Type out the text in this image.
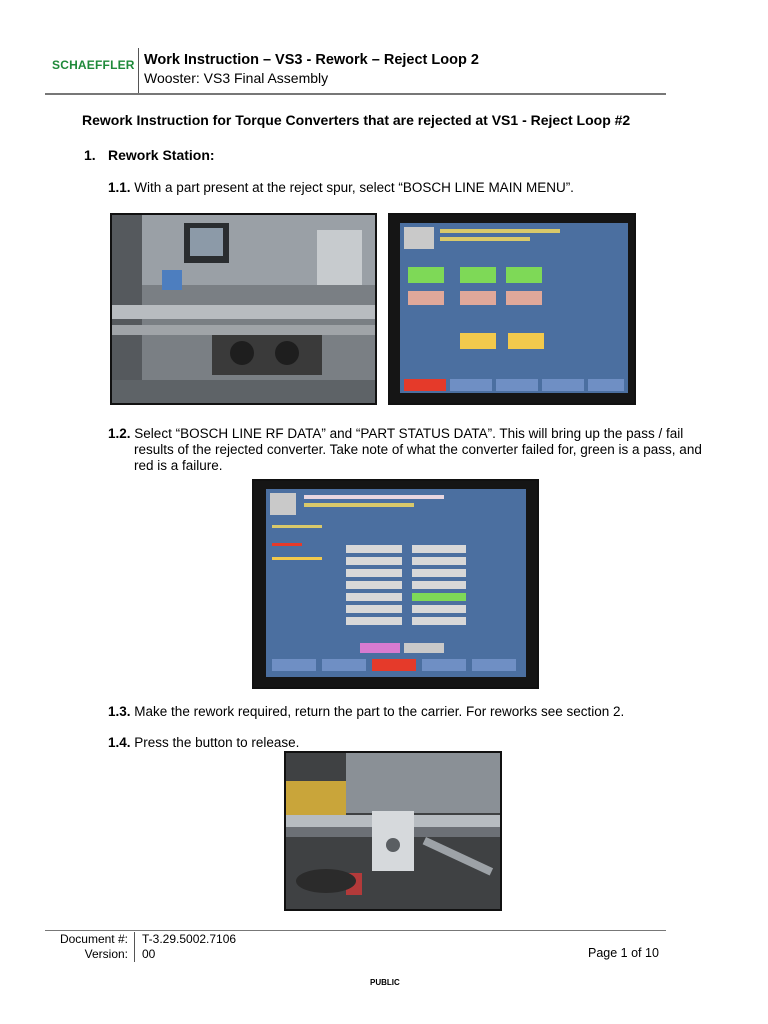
SCHAEFFLER Work Instruction – VS3 - Rework – Reject Loop 2
Wooster: VS3 Final Assembly
Rework Instruction for Torque Converters that are rejected at VS1 - Reject Loop #2
1. Rework Station:
1.1. With a part present at the reject spur, select “BOSCH LINE MAIN MENU”.
1.2. Select “BOSCH LINE RF DATA” and “PART STATUS DATA”. This will bring up the pass / fail
results of the rejected converter. Take note of what the converter failed for, green is a pass, and red is a failure.
1.3. Make the rework required, return the part to the carrier. For reworks see section 2.
1.4. Press the button to release.
Document #: T-3.29.5002.7106
Version: 00	Page 1 of 10
PUBLIC
